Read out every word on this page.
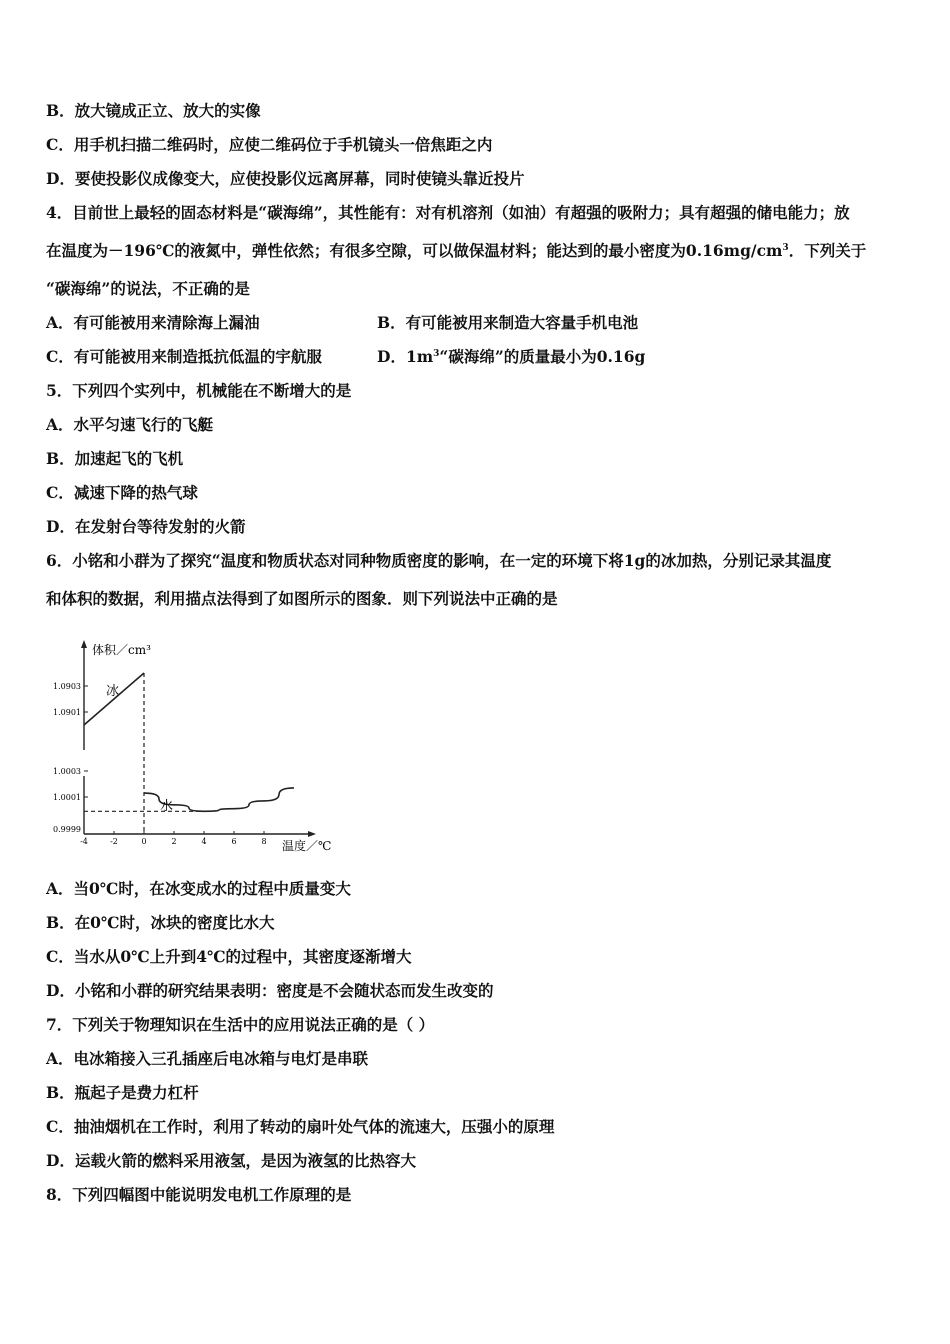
B．放大镜成正立、放大的实像
C．用手机扫描二维码时，应使二维码位于手机镜头一倍焦距之内
D．要使投影仪成像变大，应使投影仪远离屏幕，同时使镜头靠近投片
4．目前世上最轻的固态材料是“碳海绵”，其性能有：对有机溶剂（如油）有超强的吸附力；具有超强的储电能力；放
在温度为－196℃的液氮中，弹性依然；有很多空隙，可以做保温材料；能达到的最小密度为$0.16mg/cm^3$．下列关于
“碳海绵”的说法，不正确的是
A．有可能被用来清除海上漏油	B．有可能被用来制造大容量手机电池
C．有可能被用来制造抵抗低温的宇航服	D．$1m^3“$碳海绵”的质量最小为0.16g
5．下列四个实列中，机械能在不断增大的是
A．水平匀速飞行的飞艇
B．加速起飞的飞机
C．减速下降的热气球
D．在发射台等待发射的火箭
6．小铭和小群为了探究“温度和物质状态对同种物质密度的影响，在一定的环境下将1g的冰加热，分别记录其温度
和体积的数据，利用描点法得到了如图所示的图象．则下列说法中正确的是
1.0903
1.0901
1.0003
1.0001
0.9999
-4	-2	0	2	4	6	8
体积／cm³
温度／℃
冰
水
A．当0℃时，在冰变成水的过程中质量变大
B．在0℃时，冰块的密度比水大
C．当水从0℃上升到4℃的过程中，其密度逐渐增大
D．小铭和小群的研究结果表明：密度是不会随状态而发生改变的
7．下列关于物理知识在生活中的应用说法正确的是（ ）
A．电冰箱接入三孔插座后电冰箱与电灯是串联
B．瓶起子是费力杠杆
C．抽油烟机在工作时，利用了转动的扇叶处气体的流速大，压强小的原理
D．运载火箭的燃料采用液氢，是因为液氢的比热容大
8．下列四幅图中能说明发电机工作原理的是
